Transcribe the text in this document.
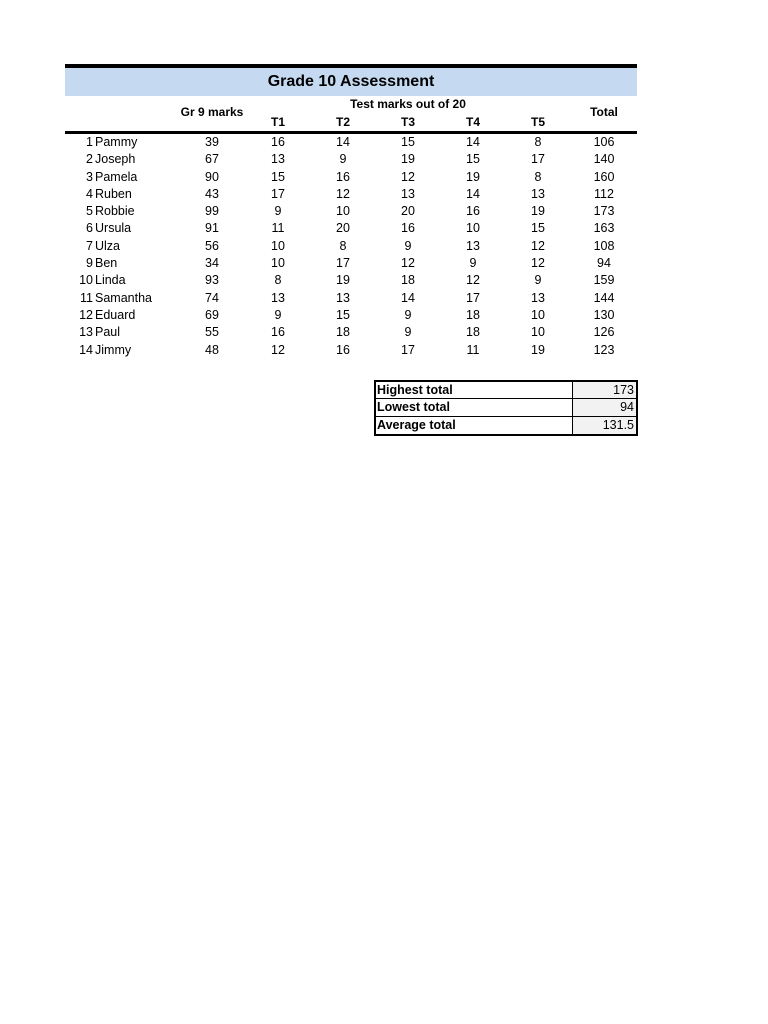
Grade 10 Assessment
Gr 9 marks
Test marks out of 20
Total
T1	T2	T3	T4	T5
1 Pammy	39	16	14	15	14	8	106
2 Joseph	67	13	9	19	15	17	140
3 Pamela	90	15	16	12	19	8	160
4 Ruben	43	17	12	13	14	13	112
5 Robbie	99	9	10	20	16	19	173
6 Ursula	91	11	20	16	10	15	163
7 Ulza	56	10	8	9	13	12	108
9 Ben	34	10	17	12	9	12	94
10 Linda	93	8	19	18	12	9	159
11 Samantha	74	13	13	14	17	13	144
12 Eduard	69	9	15	9	18	10	130
13 Paul	55	16	18	9	18	10	126
14 Jimmy	48	12	16	17	11	19	123
Highest total	173
Lowest total	94
Average total	131.5
